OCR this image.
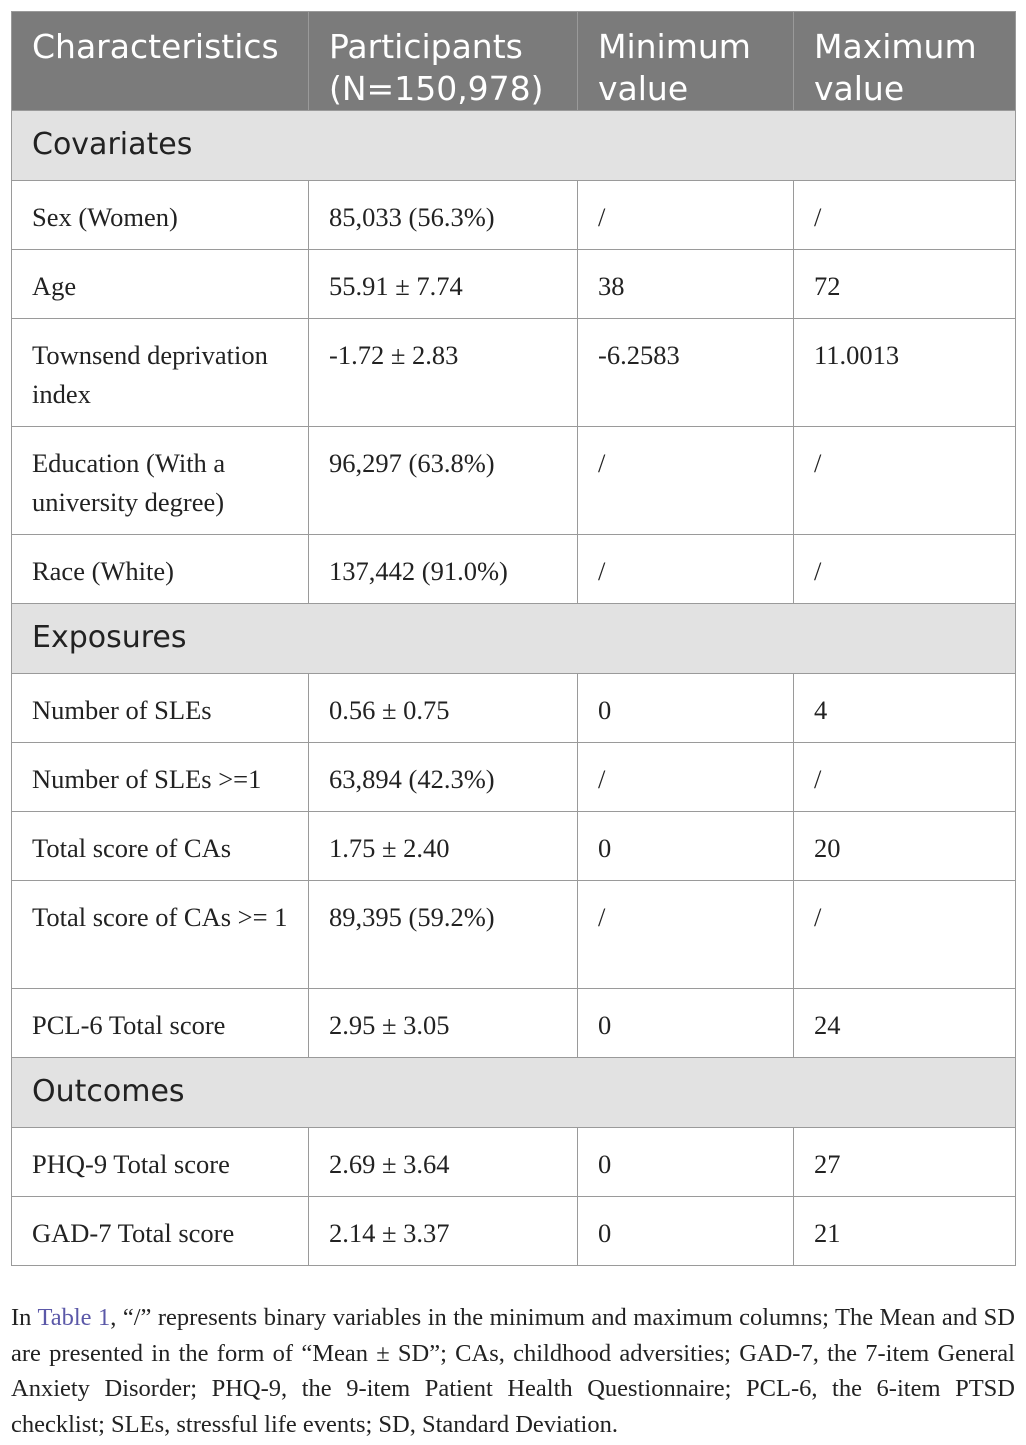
Characteristics	Participants (N=150,978)	Minimum value	Maximum value
Covariates			
Sex (Women)	85,033 (56.3%)	/	/
Age	55.91 ± 7.74	38	72
Townsend deprivation index	-1.72 ± 2.83	-6.2583	11.0013
Education (With a university degree)	96,297 (63.8%)	/	/
Race (White)	137,442 (91.0%)	/	/
Exposures			
Number of SLEs	0.56 ± 0.75	0	4
Number of SLEs >=1	63,894 (42.3%)	/	/
Total score of CAs	1.75 ± 2.40	0	20
Total score of CAs >= 1	89,395 (59.2%)	/	/
PCL-6 Total score	2.95 ± 3.05	0	24
Outcomes			
PHQ-9 Total score	2.69 ± 3.64	0	27
GAD-7 Total score	2.14 ± 3.37	0	21

In Table 1, “/” represents binary variables in the minimum and maximum columns; The Mean and SD are presented in the form of “Mean ± SD”; CAs, childhood adversities; GAD-7, the 7-item General Anxiety Disorder; PHQ-9, the 9-item Patient Health Questionnaire; PCL-6, the 6-item PTSD checklist; SLEs, stressful life events; SD, Standard Deviation.
